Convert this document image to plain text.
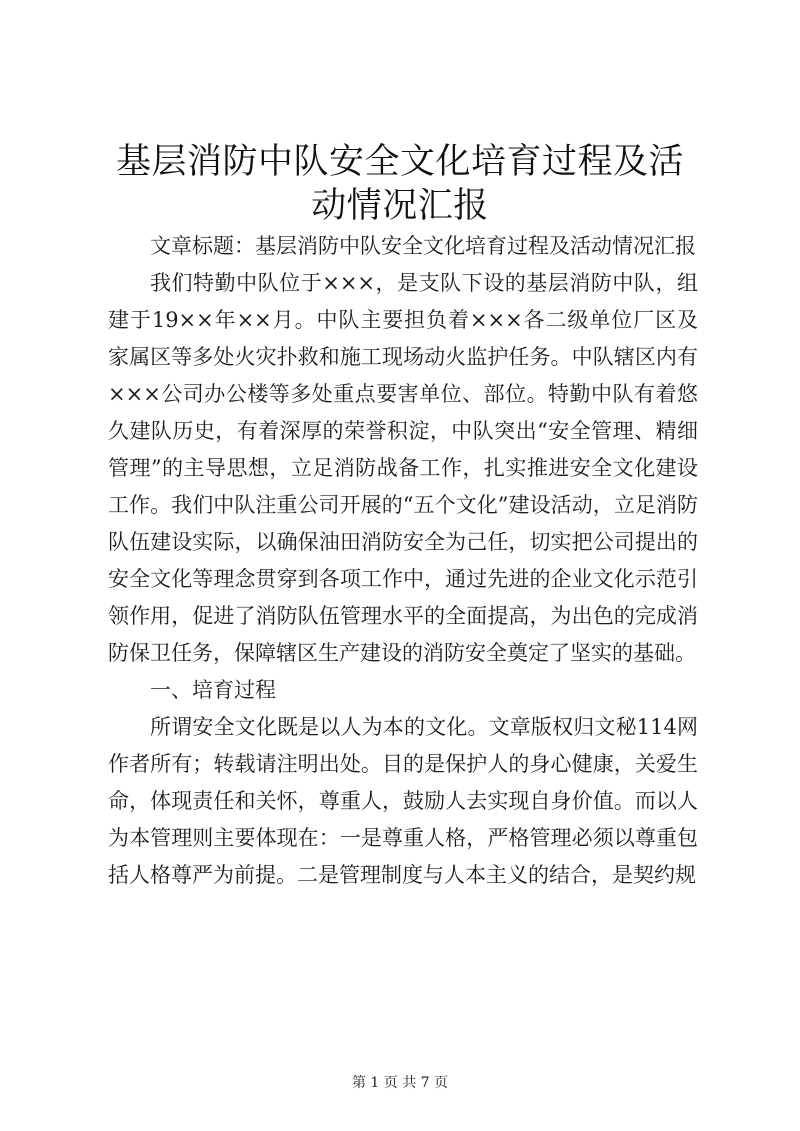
基层消防中队安全文化培育过程及活动情况汇报

文章标题：基层消防中队安全文化培育过程及活动情况汇报

我们特勤中队位于×××，是支队下设的基层消防中队，组建于19××年××月。中队主要担负着×××各二级单位厂区及家属区等多处火灾扑救和施工现场动火监护任务。中队辖区内有×××公司办公楼等多处重点要害单位、部位。特勤中队有着悠久建队历史，有着深厚的荣誉积淀，中队突出“安全管理、精细管理”的主导思想，立足消防战备工作，扎实推进安全文化建设工作。我们中队注重公司开展的“五个文化”建设活动，立足消防队伍建设实际，以确保油田消防安全为己任，切实把公司提出的安全文化等理念贯穿到各项工作中，通过先进的企业文化示范引领作用，促进了消防队伍管理水平的全面提高，为出色的完成消防保卫任务，保障辖区生产建设的消防安全奠定了坚实的基础。

一、培育过程

所谓安全文化既是以人为本的文化。文章版权归文秘114网作者所有；转载请注明出处。目的是保护人的身心健康，关爱生命，体现责任和关怀，尊重人，鼓励人去实现自身价值。而以人为本管理则主要体现在：一是尊重人格，严格管理必须以尊重包括人格尊严为前提。二是管理制度与人本主义的结合，是契约规

第 1 页 共 7 页
